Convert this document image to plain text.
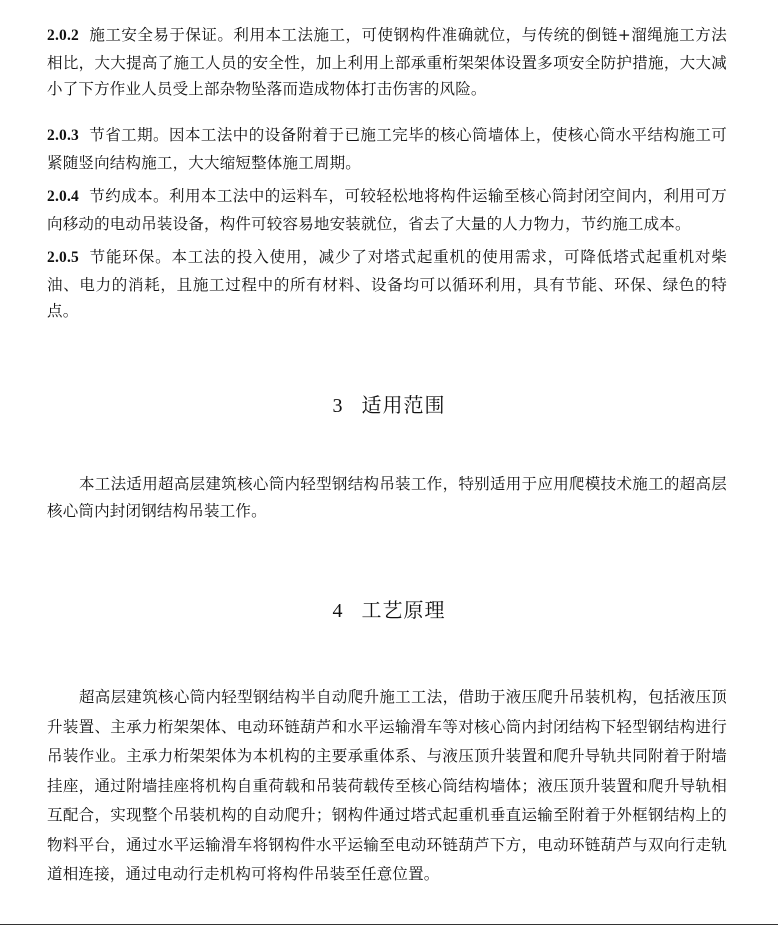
2.0.2 施工安全易于保证。利用本工法施工，可使钢构件准确就位，与传统的倒链+溜绳施工方法相比，大大提高了施工人员的安全性，加上利用上部承重桁架架体设置多项安全防护措施，大大减小了下方作业人员受上部杂物坠落而造成物体打击伤害的风险。
2.0.3 节省工期。因本工法中的设备附着于已施工完毕的核心筒墙体上，使核心筒水平结构施工可紧随竖向结构施工，大大缩短整体施工周期。
2.0.4 节约成本。利用本工法中的运料车，可较轻松地将构件运输至核心筒封闭空间内，利用可万向移动的电动吊装设备，构件可较容易地安装就位，省去了大量的人力物力，节约施工成本。
2.0.5 节能环保。本工法的投入使用，减少了对塔式起重机的使用需求，可降低塔式起重机对柴油、电力的消耗，且施工过程中的所有材料、设备均可以循环利用，具有节能、环保、绿色的特点。
3 适用范围
本工法适用超高层建筑核心筒内轻型钢结构吊装工作，特别适用于应用爬模技术施工的超高层核心筒内封闭钢结构吊装工作。
4 工艺原理
超高层建筑核心筒内轻型钢结构半自动爬升施工工法，借助于液压爬升吊装机构，包括液压顶升装置、主承力桁架架体、电动环链葫芦和水平运输滑车等对核心筒内封闭结构下轻型钢结构进行吊装作业。主承力桁架架体为本机构的主要承重体系、与液压顶升装置和爬升导轨共同附着于附墙挂座，通过附墙挂座将机构自重荷载和吊装荷载传至核心筒结构墙体；液压顶升装置和爬升导轨相互配合，实现整个吊装机构的自动爬升；钢构件通过塔式起重机垂直运输至附着于外框钢结构上的物料平台，通过水平运输滑车将钢构件水平运输至电动环链葫芦下方，电动环链葫芦与双向行走轨道相连接，通过电动行走机构可将构件吊装至任意位置。
